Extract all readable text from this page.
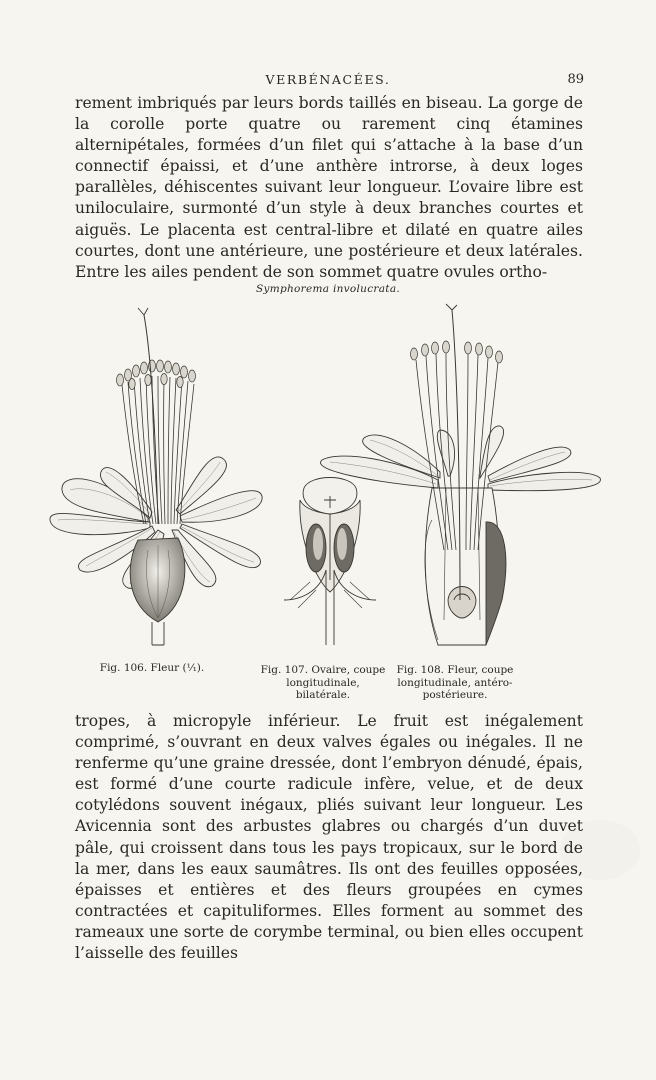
VERBÉNACÉES.	89

rement imbriqués par leurs bords taillés en biseau. La gorge de la corolle porte quatre ou rarement cinq étamines alternipétales, formées d’un filet qui s’attache à la base d’un connectif épaissi, et d’une anthère introrse, à deux loges parallèles, déhiscentes suivant leur longueur. L’ovaire libre est uniloculaire, surmonté d’un style à deux branches courtes et aiguës. Le placenta est central-libre et dilaté en quatre ailes courtes, dont une antérieure, une postérieure et deux latérales. Entre les ailes pendent de son sommet quatre ovules ortho-

Symphorema involucrata.
Fig. 106. Fleur (¹⁄₁).	Fig. 107. Ovaire, coupe longitudinale, bilatérale.
Fig. 108. Fleur, coupe longitudinale, antéro-postérieure.

tropes, à micropyle inférieur. Le fruit est inégalement comprimé, s’ouvrant en deux valves égales ou inégales. Il ne renferme qu’une graine dressée, dont l’embryon dénudé, épais, est formé d’une courte radicule infère, velue, et de deux cotylédons souvent inégaux, pliés suivant leur longueur. Les Avicennia sont des arbustes glabres ou chargés d’un duvet pâle, qui croissent dans tous les pays tropicaux, sur le bord de la mer, dans les eaux saumâtres. Ils ont des feuilles opposées, épaisses et entières et des fleurs groupées en cymes contractées et capituliformes. Elles forment au sommet des rameaux une sorte de corymbe terminal, ou bien elles occupent l’aisselle des feuilles
